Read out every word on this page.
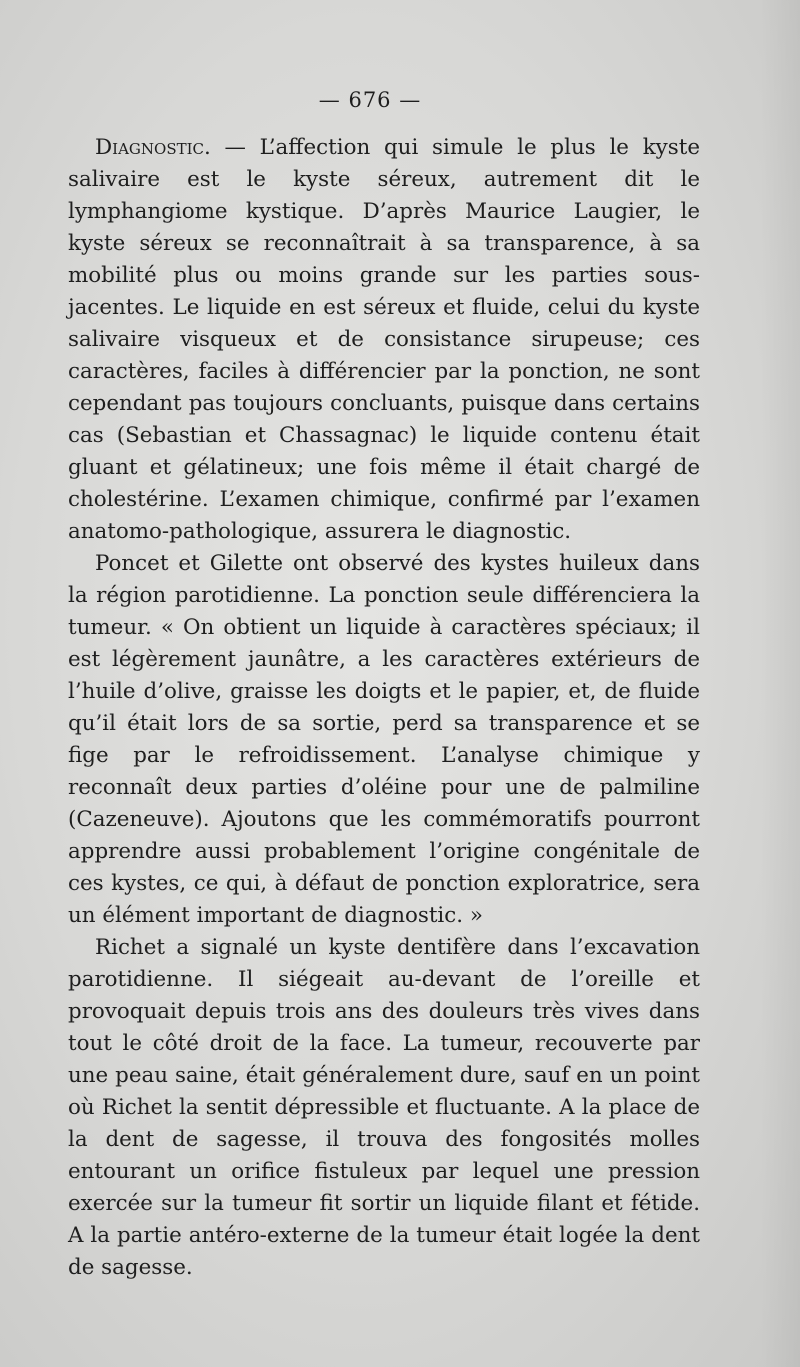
— 676 —

Diagnostic. — L’affection qui simule le plus le kyste salivaire est le kyste séreux, autrement dit le lymphangiome kystique. D’après Maurice Laugier, le kyste séreux se reconnaîtrait à sa transparence, à sa mobilité plus ou moins grande sur les parties sous-jacentes. Le liquide en est séreux et fluide, celui du kyste salivaire visqueux et de consistance sirupeuse; ces caractères, faciles à différencier par la ponction, ne sont cependant pas toujours concluants, puisque dans certains cas (Sebastian et Chassagnac) le liquide contenu était gluant et gélatineux; une fois même il était chargé de cholestérine. L’examen chimique, confirmé par l’examen anatomo-pathologique, assurera le diagnostic.

Poncet et Gilette ont observé des kystes huileux dans la région parotidienne. La ponction seule différenciera la tumeur. « On obtient un liquide à caractères spéciaux; il est légèrement jaunâtre, a les caractères extérieurs de l’huile d’olive, graisse les doigts et le papier, et, de fluide qu’il était lors de sa sortie, perd sa transparence et se fige par le refroidissement. L’analyse chimique y reconnaît deux parties d’oléine pour une de palmiline (Cazeneuve). Ajoutons que les commémoratifs pourront apprendre aussi probablement l’origine congénitale de ces kystes, ce qui, à défaut de ponction exploratrice, sera un élément important de diagnostic. »

Richet a signalé un kyste dentifère dans l’excavation parotidienne. Il siégeait au-devant de l’oreille et provoquait depuis trois ans des douleurs très vives dans tout le côté droit de la face. La tumeur, recouverte par une peau saine, était généralement dure, sauf en un point où Richet la sentit dépressible et fluctuante. A la place de la dent de sagesse, il trouva des fongosités molles entourant un orifice fistuleux par lequel une pression exercée sur la tumeur fit sortir un liquide filant et fétide. A la partie antéro-externe de la tumeur était logée la dent de sagesse.
